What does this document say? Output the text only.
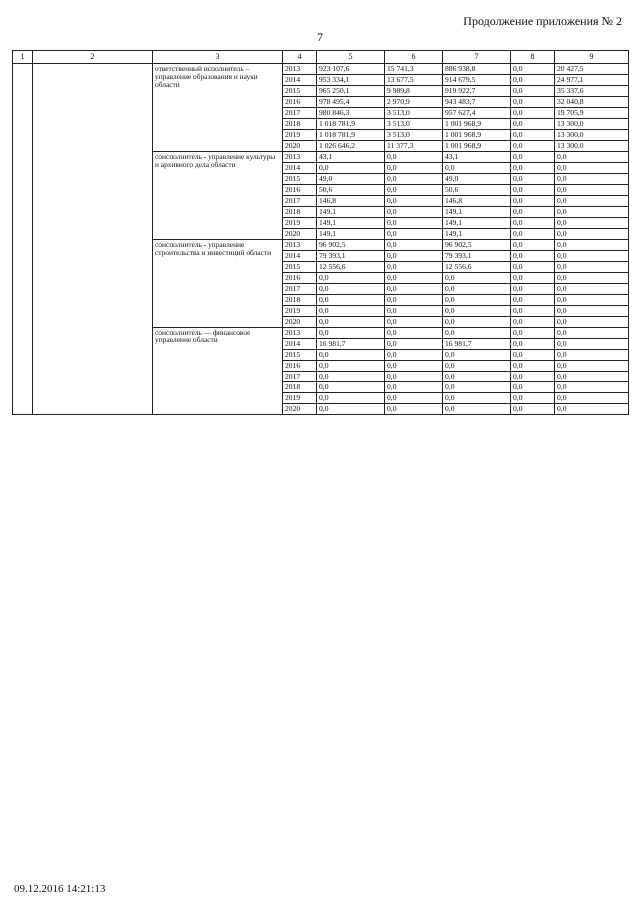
Продолжение приложения № 2
7
1	2	3	4	5	6	7	8	9
		ответственный исполнитель – управление образования и науки области	2013	923 107,6	15 741,3	886 938,8	0,0	20 427,5
			2014	953 334,1	13 677,5	914 679,5	0,0	24 977,1
			2015	965 250,1	9 989,8	919 922,7	0,0	35 337,6
			2016	978 495,4	2 970,9	943 483,7	0,0	32 040,8
			2017	980 846,3	3 513,0	957 627,4	0,0	19 705,9
			2018	1 018 781,9	3 513,0	1 001 968,9	0,0	13 300,0
			2019	1 018 781,9	3 513,0	1 001 968,9	0,0	13 300,0
			2020	1 026 646,2	11 377,3	1 001 968,9	0,0	13 300,0
		соисполнитель - управление культуры и архивного дела области	2013	43,1	0,0	43,1	0,0	0,0
			2014	0,0	0,0	0,0	0,0	0,0
			2015	49,0	0,0	49,0	0,0	0,0
			2016	50,6	0,0	50,6	0,0	0,0
			2017	146,8	0,0	146,8	0,0	0,0
			2018	149,1	0,0	149,1	0,0	0,0
			2019	149,1	0,0	149,1	0,0	0,0
			2020	149,1	0,0	149,1	0,0	0,0
		соисполнитель - управление строительства и инвестиций области	2013	96 902,5	0,0	96 902,5	0,0	0,0
			2014	79 393,1	0,0	79 393,1	0,0	0,0
			2015	12 556,6	0,0	12 556,6	0,0	0,0
			2016	0,0	0,0	0,0	0,0	0,0
			2017	0,0	0,0	0,0	0,0	0,0
			2018	0,0	0,0	0,0	0,0	0,0
			2019	0,0	0,0	0,0	0,0	0,0
			2020	0,0	0,0	0,0	0,0	0,0
		соисполнитель — финансовое управление области	2013	0,0	0,0	0,0	0,0	0,0
			2014	16 981,7	0,0	16 981,7	0,0	0,0
			2015	0,0	0,0	0,0	0,0	0,0
			2016	0,0	0,0	0,0	0,0	0,0
			2017	0,0	0,0	0,0	0,0	0,0
			2018	0,0	0,0	0,0	0,0	0,0
			2019	0,0	0,0	0,0	0,0	0,0
			2020	0,0	0,0	0,0	0,0	0,0
09.12.2016 14:21:13
